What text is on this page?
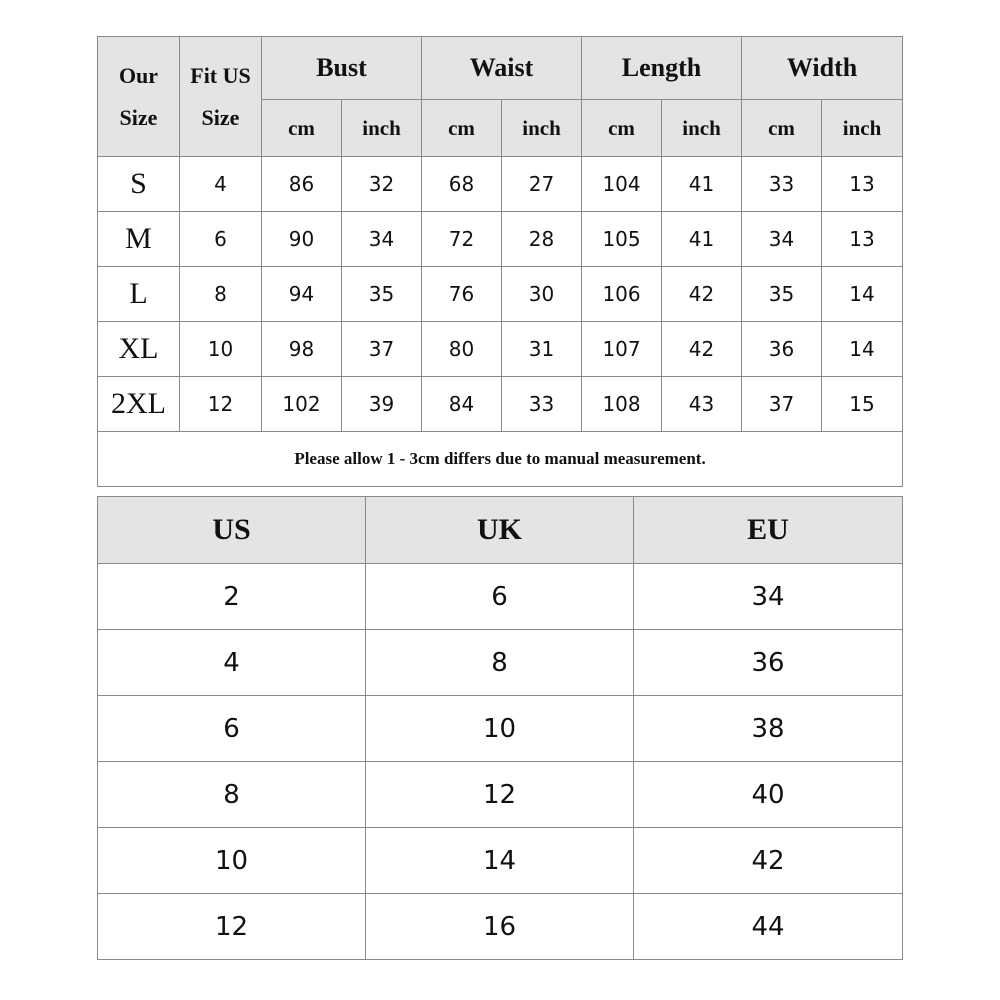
Our Size	Fit US Size	Bust		Waist		Length		Width	
		cm	inch	cm	inch	cm	inch	cm	inch
S	4	86	32	68	27	104	41	33	13
M	6	90	34	72	28	105	41	34	13
L	8	94	35	76	30	106	42	35	14
XL	10	98	37	80	31	107	42	36	14
2XL	12	102	39	84	33	108	43	37	15
Please allow 1 - 3cm differs due to manual measurement.									
US	UK	EU
2	6	34
4	8	36
6	10	38
8	12	40
10	14	42
12	16	44
